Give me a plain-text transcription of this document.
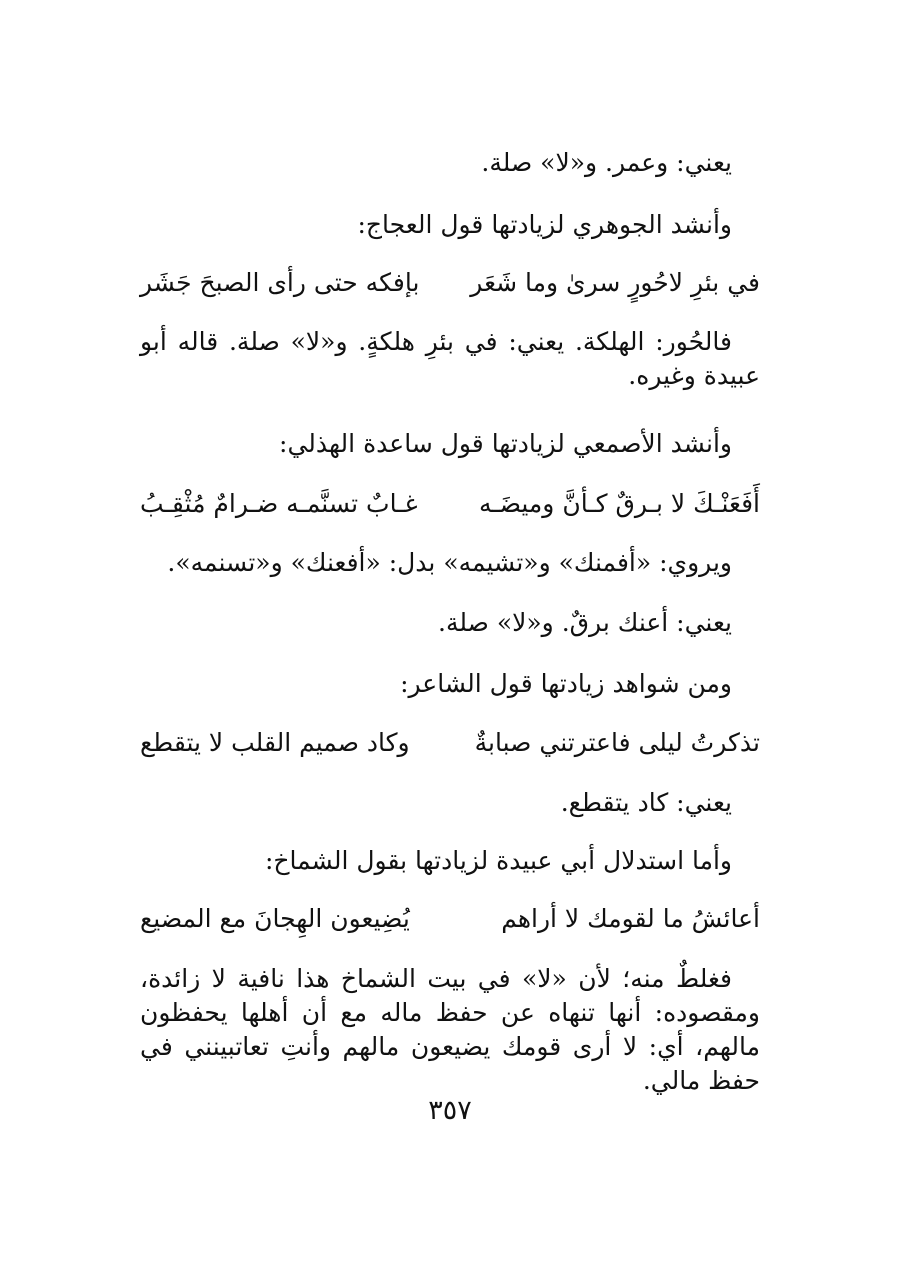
يعني: وعمر. و«لا» صلة.
وأنشد الجوهري لزيادتها قول العجاج:
في بئرِ لاحُورٍ سرىٰ وما شَعَر
بإفكه حتى رأى الصبحَ جَشَر
فالحُور: الهلكة. يعني: في بئرِ هلكةٍ. و«لا» صلة. قاله أبو عبيدة وغيره.
وأنشد الأصمعي لزيادتها قول ساعدة الهذلي:
أَفَعَنْـكَ لا بـرقٌ كـأنَّ وميضَـه
غـابٌ تسنَّمـه ضـرامٌ مُثْقِـبُ
ويروي: «أفمنك» و«تشيمه» بدل: «أفعنك» و«تسنمه».
يعني: أعنك برقٌ. و«لا» صلة.
ومن شواهد زيادتها قول الشاعر:
تذكرتُ ليلى فاعترتني صبابةٌ
وكاد صميم القلب لا يتقطع
يعني: كاد يتقطع.
وأما استدلال أبي عبيدة لزيادتها بقول الشماخ:
أعائشُ ما لقومك لا أراهم
يُضِيعون الهِجانَ مع المضيع
فغلطٌ منه؛ لأن «لا» في بيت الشماخ هذا نافية لا زائدة، ومقصوده: أنها تنهاه عن حفظ ماله مع أن أهلها يحفظون مالهم، أي: لا أرى قومك يضيعون مالهم وأنتِ تعاتبينني في حفظ مالي.
٣٥٧
